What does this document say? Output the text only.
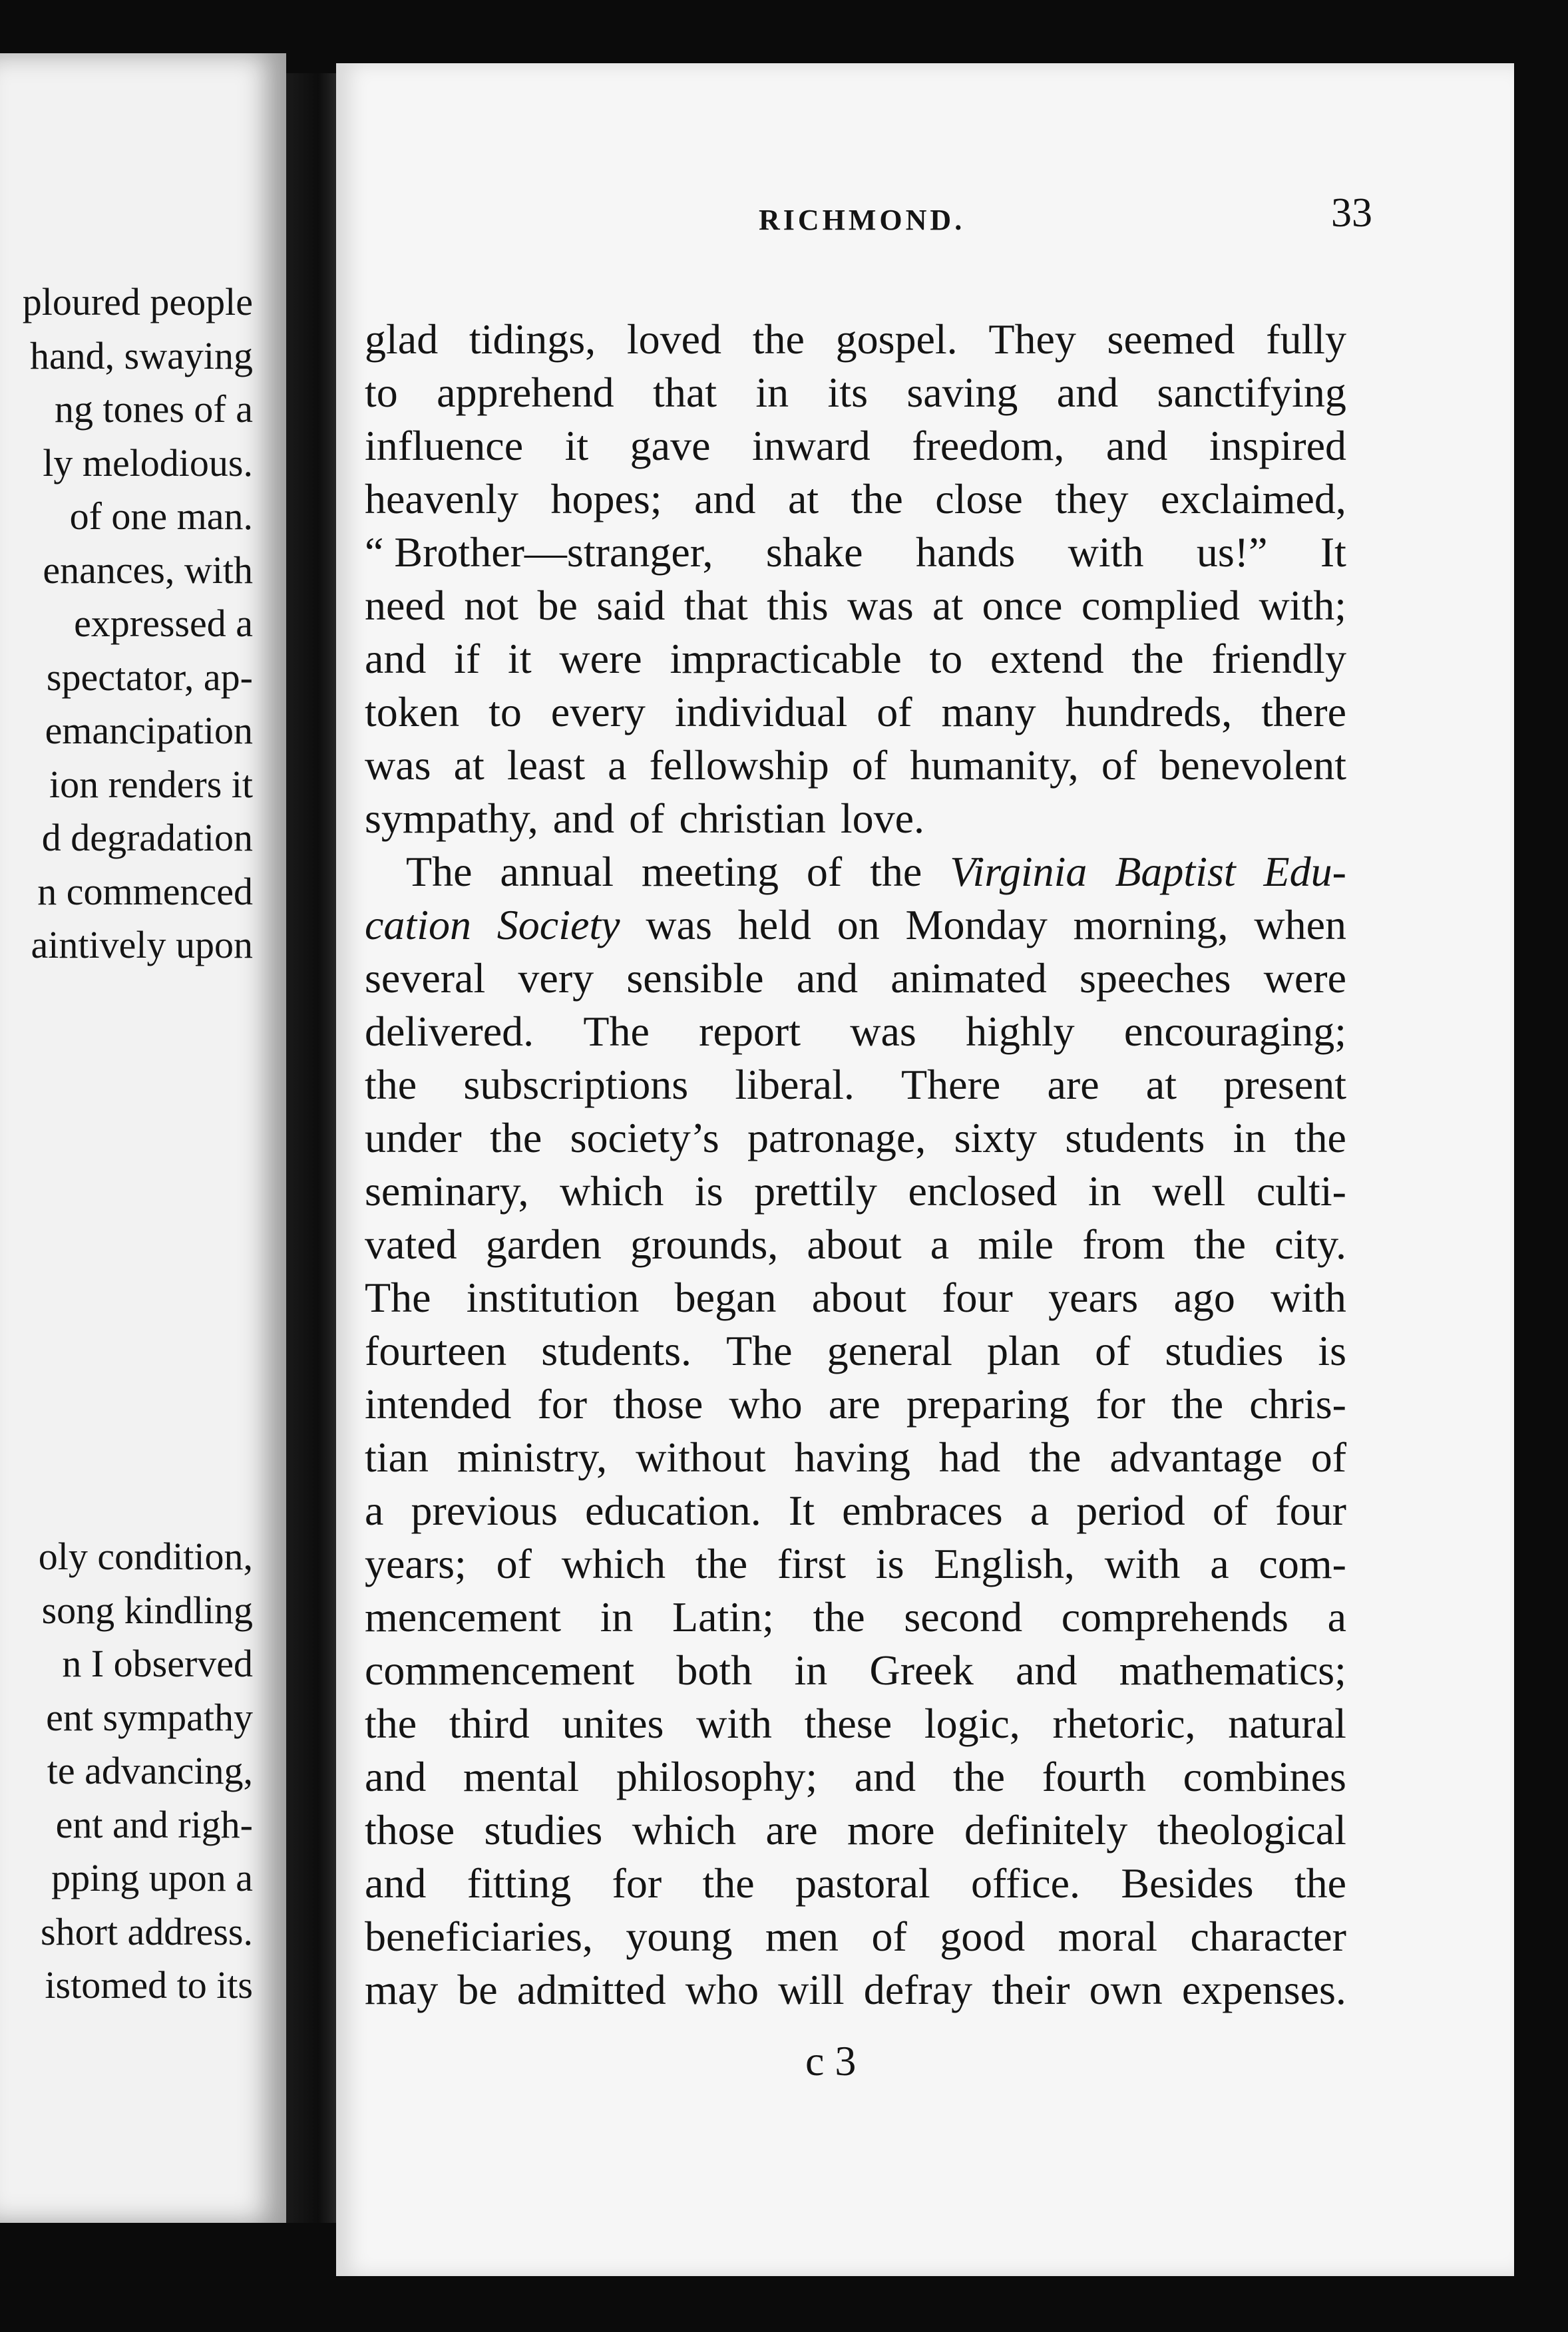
ploured people
hand, swaying
ng tones of a
ly melodious.
of one man.
enances, with
expressed a
spectator, ap-
emancipation
ion renders it
d degradation
n commenced
aintively upon
oly condition,
song kindling
n I observed
ent sympathy
te advancing,
ent and righ-
pping upon a
short address.
istomed to its
RICHMOND.	33
glad tidings, loved the gospel. They seemed fully
to apprehend that in its saving and sanctifying
influence it gave inward freedom, and inspired
heavenly hopes; and at the close they exclaimed,
“ Brother—stranger, shake hands with us!” It
need not be said that this was at once complied with;
and if it were impracticable to extend the friendly
token to every individual of many hundreds, there
was at least a fellowship of humanity, of benevolent
sympathy, and of christian love.
The annual meeting of the Virginia Baptist Edu-
cation Society was held on Monday morning, when
several very sensible and animated speeches were
delivered. The report was highly encouraging;
the subscriptions liberal. There are at present
under the society’s patronage, sixty students in the
seminary, which is prettily enclosed in well culti-
vated garden grounds, about a mile from the city.
The institution began about four years ago with
fourteen students. The general plan of studies is
intended for those who are preparing for the chris-
tian ministry, without having had the advantage of
a previous education. It embraces a period of four
years; of which the first is English, with a com-
mencement in Latin; the second comprehends a
commencement both in Greek and mathematics;
the third unites with these logic, rhetoric, natural
and mental philosophy; and the fourth combines
those studies which are more definitely theological
and fitting for the pastoral office. Besides the
beneficiaries, young men of good moral character
may be admitted who will defray their own expenses.
c 3
